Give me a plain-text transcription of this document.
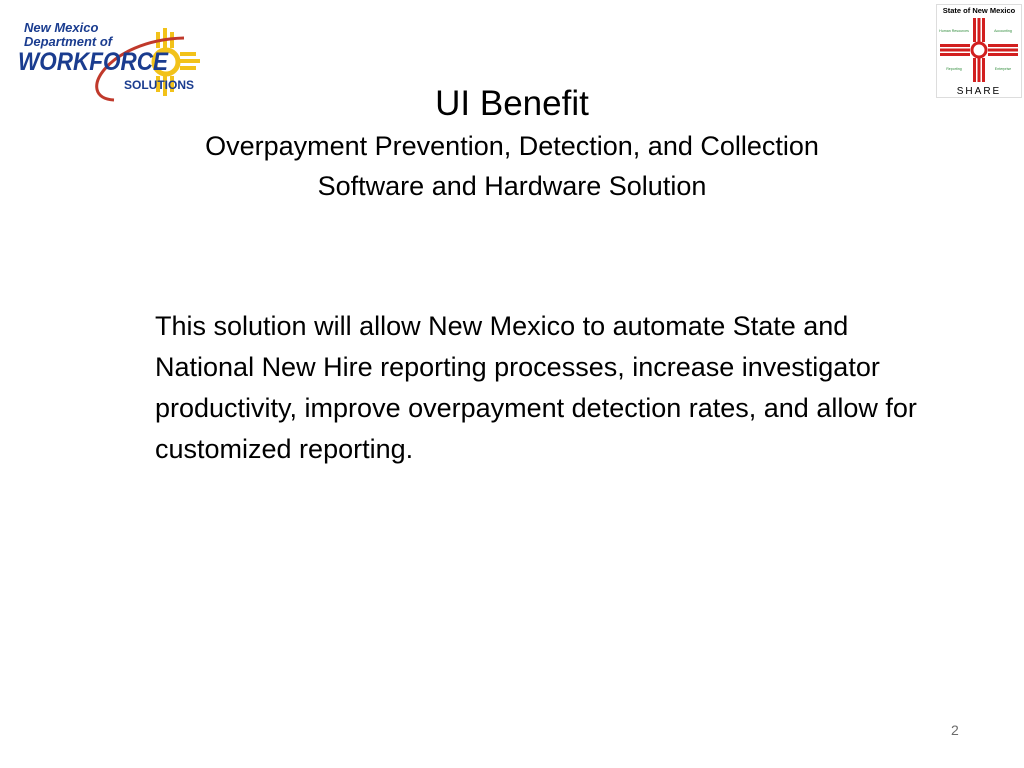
New Mexico
Department of
WORKFORCE
SOLUTIONS
State of New Mexico
Human Resources	Accounting
Reporting	Enterprise
SHARE
UI Benefit

Overpayment Prevention, Detection, and Collection

Software and Hardware Solution

This solution will allow New Mexico to automate State and National New Hire reporting processes, increase investigator productivity, improve overpayment detection rates, and allow for customized reporting.

2
